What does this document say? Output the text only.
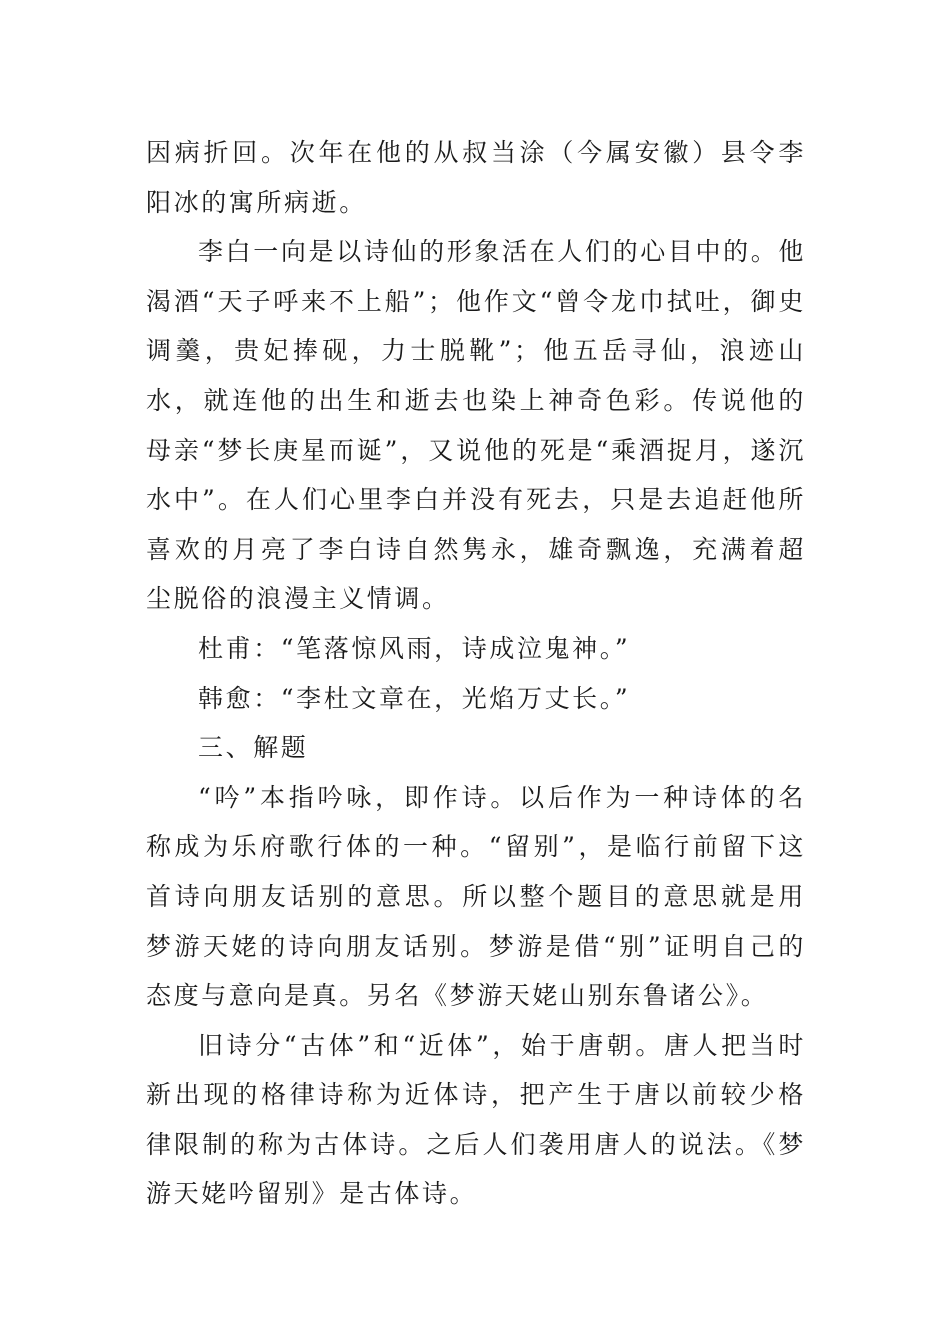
因病折回。次年在他的从叔当涂（今属安徽）县令李阳冰的寓所病逝。

李白一向是以诗仙的形象活在人们的心目中的。他渴酒“天子呼来不上船”；他作文“曾令龙巾拭吐，御史调羹，贵妃捧砚，力士脱靴”；他五岳寻仙，浪迹山水，就连他的出生和逝去也染上神奇色彩。传说他的母亲“梦长庚星而诞”，又说他的死是“乘酒捉月，遂沉水中”。在人们心里李白并没有死去，只是去追赶他所喜欢的月亮了李白诗自然隽永，雄奇飘逸，充满着超尘脱俗的浪漫主义情调。

杜甫：“笔落惊风雨，诗成泣鬼神。”

韩愈：“李杜文章在，光焰万丈长。”

三、解题

“吟”本指吟咏，即作诗。以后作为一种诗体的名称成为乐府歌行体的一种。“留别”，是临行前留下这首诗向朋友话别的意思。所以整个题目的意思就是用梦游天姥的诗向朋友话别。梦游是借“别”证明自己的态度与意向是真。另名《梦游天姥山别东鲁诸公》。

旧诗分“古体”和“近体”，始于唐朝。唐人把当时新出现的格律诗称为近体诗，把产生于唐以前较少格律限制的称为古体诗。之后人们袭用唐人的说法。《梦游天姥吟留别》是古体诗。
